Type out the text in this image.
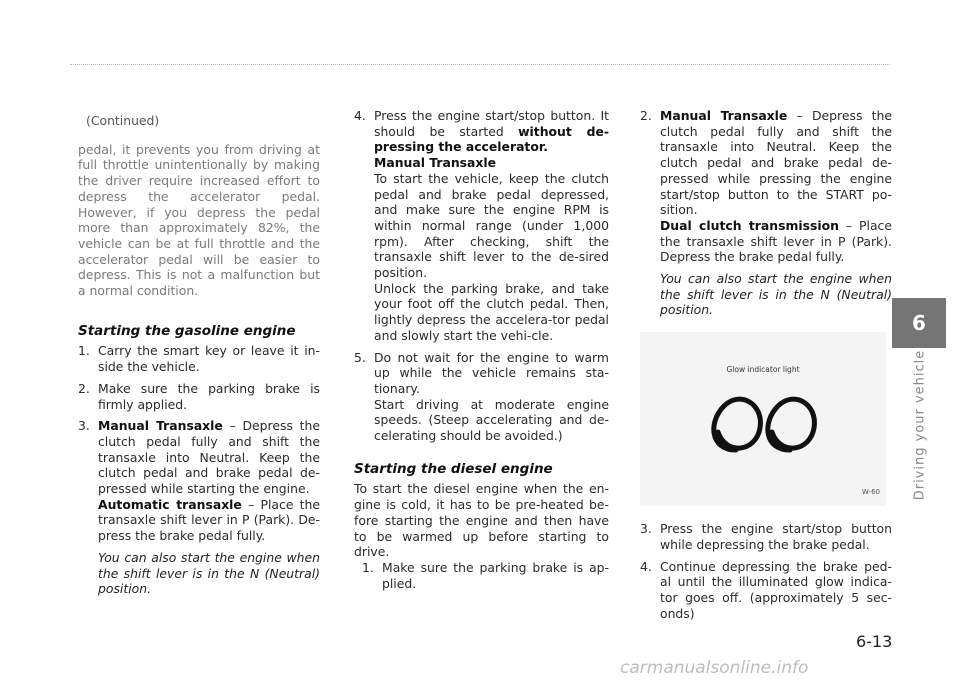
(Continued)

pedal, it prevents you from driving at full throttle unintentionally by making the driver require increased effort to depress the accelerator pedal. However, if you depress the pedal more than approximately 82%, the vehicle can be at full throttle and the accelerator pedal will be easier to depress. This is not a malfunction but a normal condition.

Starting the gasoline engine
1. Carry the smart key or leave it in-side the vehicle.
2. Make sure the parking brake is firmly applied.
3. Manual Transaxle – Depress the clutch pedal fully and shift the transaxle into Neutral. Keep the clutch pedal and brake pedal de-pressed while starting the engine.
Automatic transaxle – Place the transaxle shift lever in P (Park). De-press the brake pedal fully.
You can also start the engine when the shift lever is in the N (Neutral) position.
4. Press the engine start/stop button. It should be started without de-pressing the accelerator.
Manual Transaxle
To start the vehicle, keep the clutch pedal and brake pedal depressed, and make sure the engine RPM is within normal range (under 1,000 rpm). After checking, shift the transaxle shift lever to the de-sired position.
Unlock the parking brake, and take your foot off the clutch pedal. Then, lightly depress the accelera-tor pedal and slowly start the vehi-cle.
5. Do not wait for the engine to warm up while the vehicle remains sta-tionary.
Start driving at moderate engine speeds. (Steep accelerating and de-celerating should be avoided.)
Starting the diesel engine

To start the diesel engine when the en-gine is cold, it has to be pre-heated be-fore starting the engine and then have to be warmed up before starting to drive.

1. Make sure the parking brake is ap-plied.
2. Manual Transaxle – Depress the clutch pedal fully and shift the transaxle into Neutral. Keep the clutch pedal and brake pedal de-pressed while pressing the engine start/stop button to the START po-sition.
Dual clutch transmission – Place the transaxle shift lever in P (Park). Depress the brake pedal fully.
You can also start the engine when the shift lever is in the N (Neutral) position.
Glow indicator light
W-60
3. Press the engine start/stop button while depressing the brake pedal.
4. Continue depressing the brake ped-al until the illuminated glow indica-tor goes off. (approximately 5 sec-onds)
6
Driving your vehicle
6-13
carmanualsonline.info
